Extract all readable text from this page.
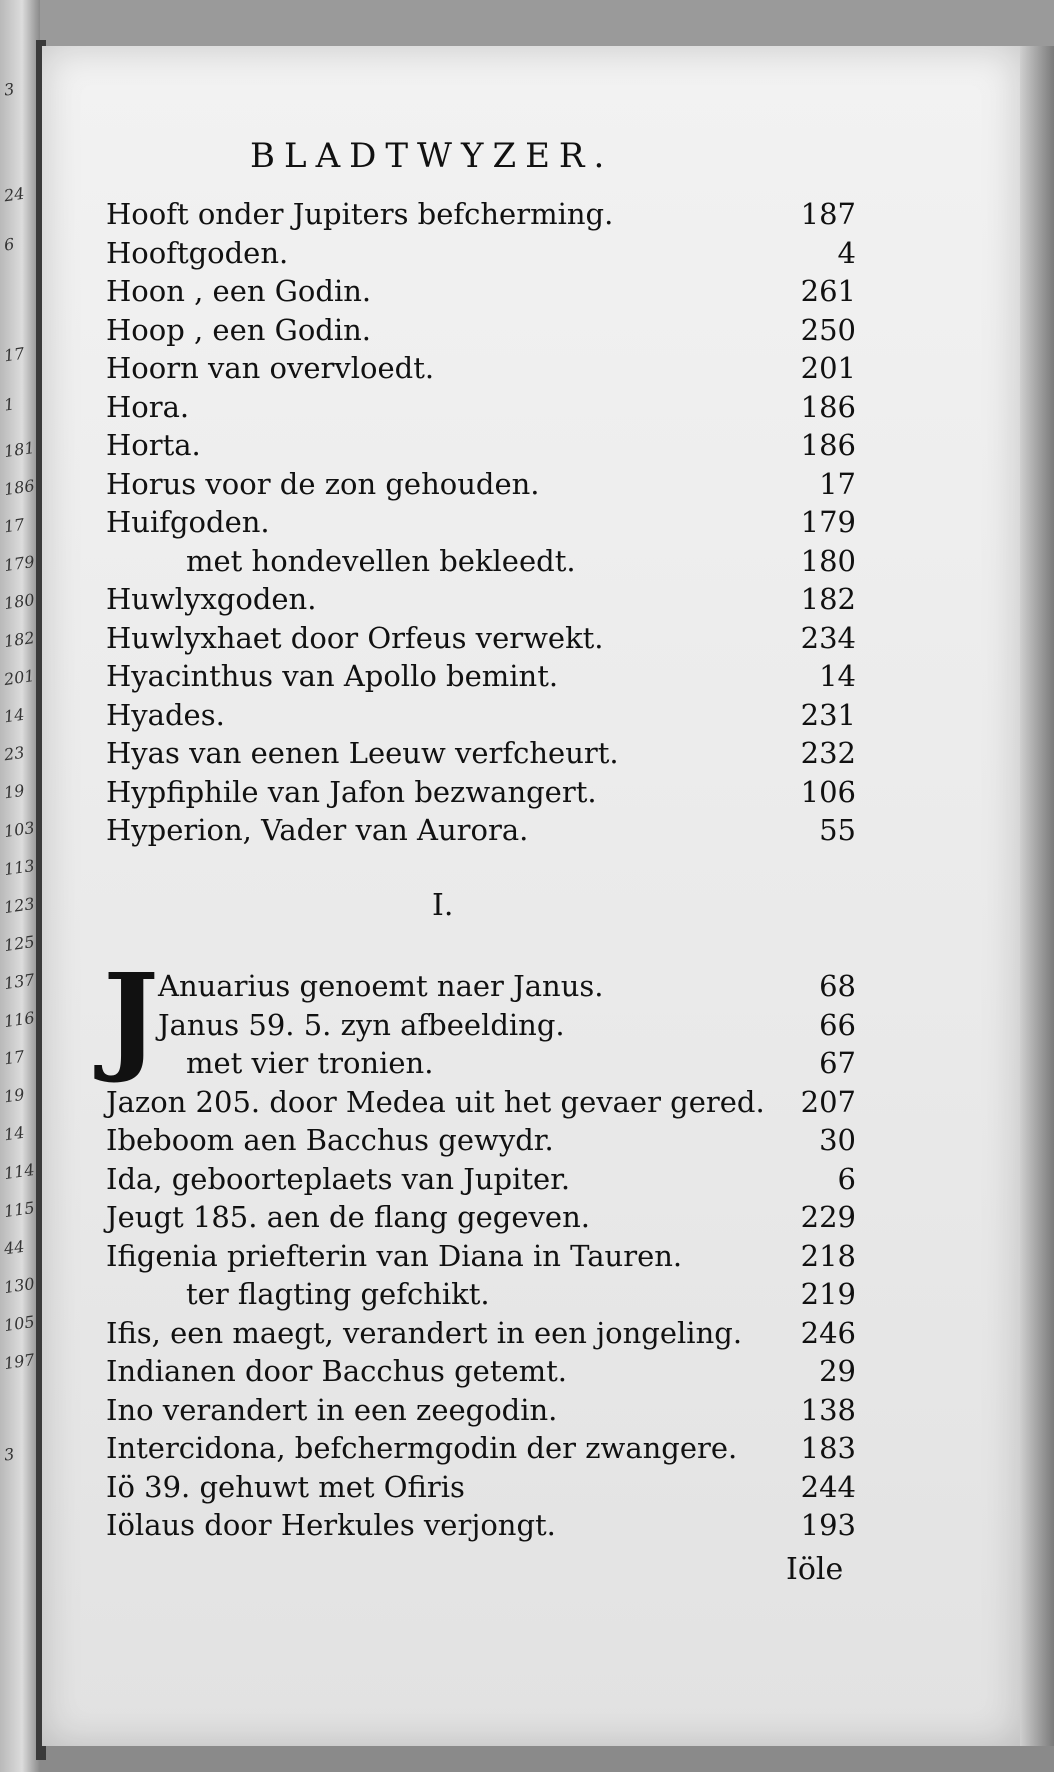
3
24
6
17
1
181
186
17
179
180
182
201
14
23
19
103
113
123
125
137
116
17
19
14
114
115
44
130
105
197
3
BLADTWYZER.
Hooft onder Jupiters befcherming.	187
Hooftgoden.	4
Hoon , een Godin.	261
Hoop , een Godin.	250
Hoorn van overvloedt.	201
Hora.	186
Horta.	186
Horus voor de zon gehouden.	17
Huifgoden.	179
met hondevellen bekleedt.	180
Huwlyxgoden.	182
Huwlyxhaet door Orfeus verwekt.	234
Hyacinthus van Apollo bemint.	14
Hyades.	231
Hyas van eenen Leeuw verfcheurt.	232
Hypfiphile van Jafon bezwangert.	106
Hyperion, Vader van Aurora.	55
I.
J Anuarius genoemt naer Janus.	68
Janus 59. 5. zyn afbeelding.	66
met vier tronien.	67
Jazon 205. door Medea uit het gevaer gered. 207
Ibeboom aen Bacchus gewydr.	30
Ida, geboorteplaets van Jupiter.	6
Jeugt 185. aen de flang gegeven.	229
Ifigenia priefterin van Diana in Tauren.	218
ter flagting gefchikt.	219
Ifis, een maegt, verandert in een jongeling. 246
Indianen door Bacchus getemt.	29
Ino verandert in een zeegodin.	138
Intercidona, befchermgodin der zwangere. 183
Iö 39. gehuwt met Ofiris	244
Iölaus door Herkules verjongt.	193
Iöle
